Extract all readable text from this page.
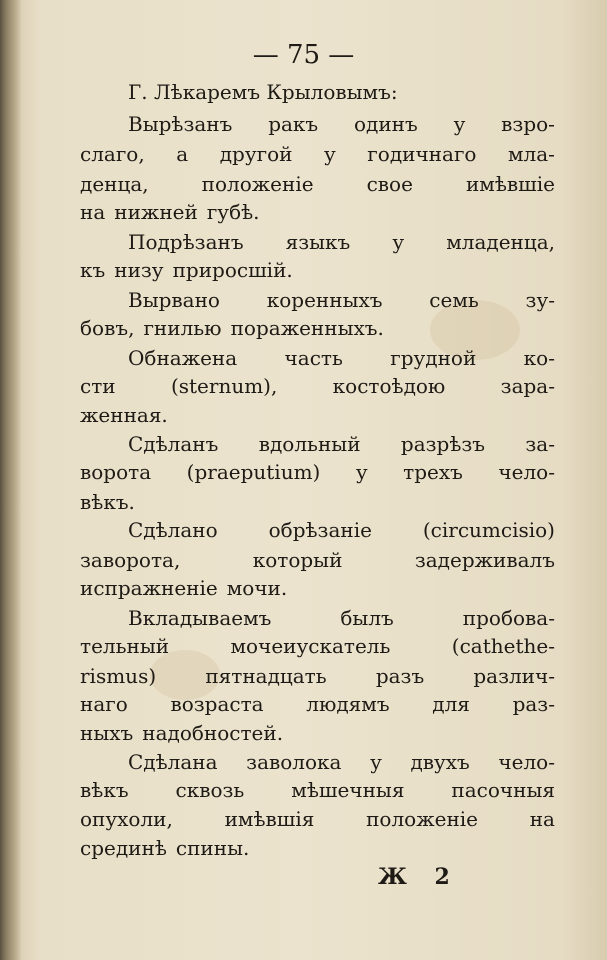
— 75 —
Г. Лѣкаремъ Крыловымъ:
Ж 2
Вырѣзанъ ракъ одинъ у взро-
слаго, а другой у годичнаго мла-
денца,	положеніе	свое	имѣвшіе
на нижней губѣ.
Подрѣзанъ языкъ у младенца,
къ низу приросшій.
Вырвано коренныхъ семь зу-
бовъ, гнилью пораженныхъ.
Обнажена часть грудной ко-
сти	(sternum),	костоѣдою	зара-
женная.
Сдѣланъ вдольный разрѣзъ за-
ворота (praeputium) у трехъ чело-
вѣкъ.
Сдѣлано	обрѣзаніе	(circumcisio)
заворота,	который	задерживалъ
испражненіе мочи.
Вкладываемъ	былъ	пробова-
тельный	мочеиускатель	(cathethe-
rismus) пятнадцать разъ различ-
наго возраста людямъ для раз-
ныхъ надобностей.
Сдѣлана заволока у двухъ чело-
вѣкъ сквозь мѣшечныя пасочныя
опухоли,	имѣвшія	положеніе	на
срединѣ спины.
